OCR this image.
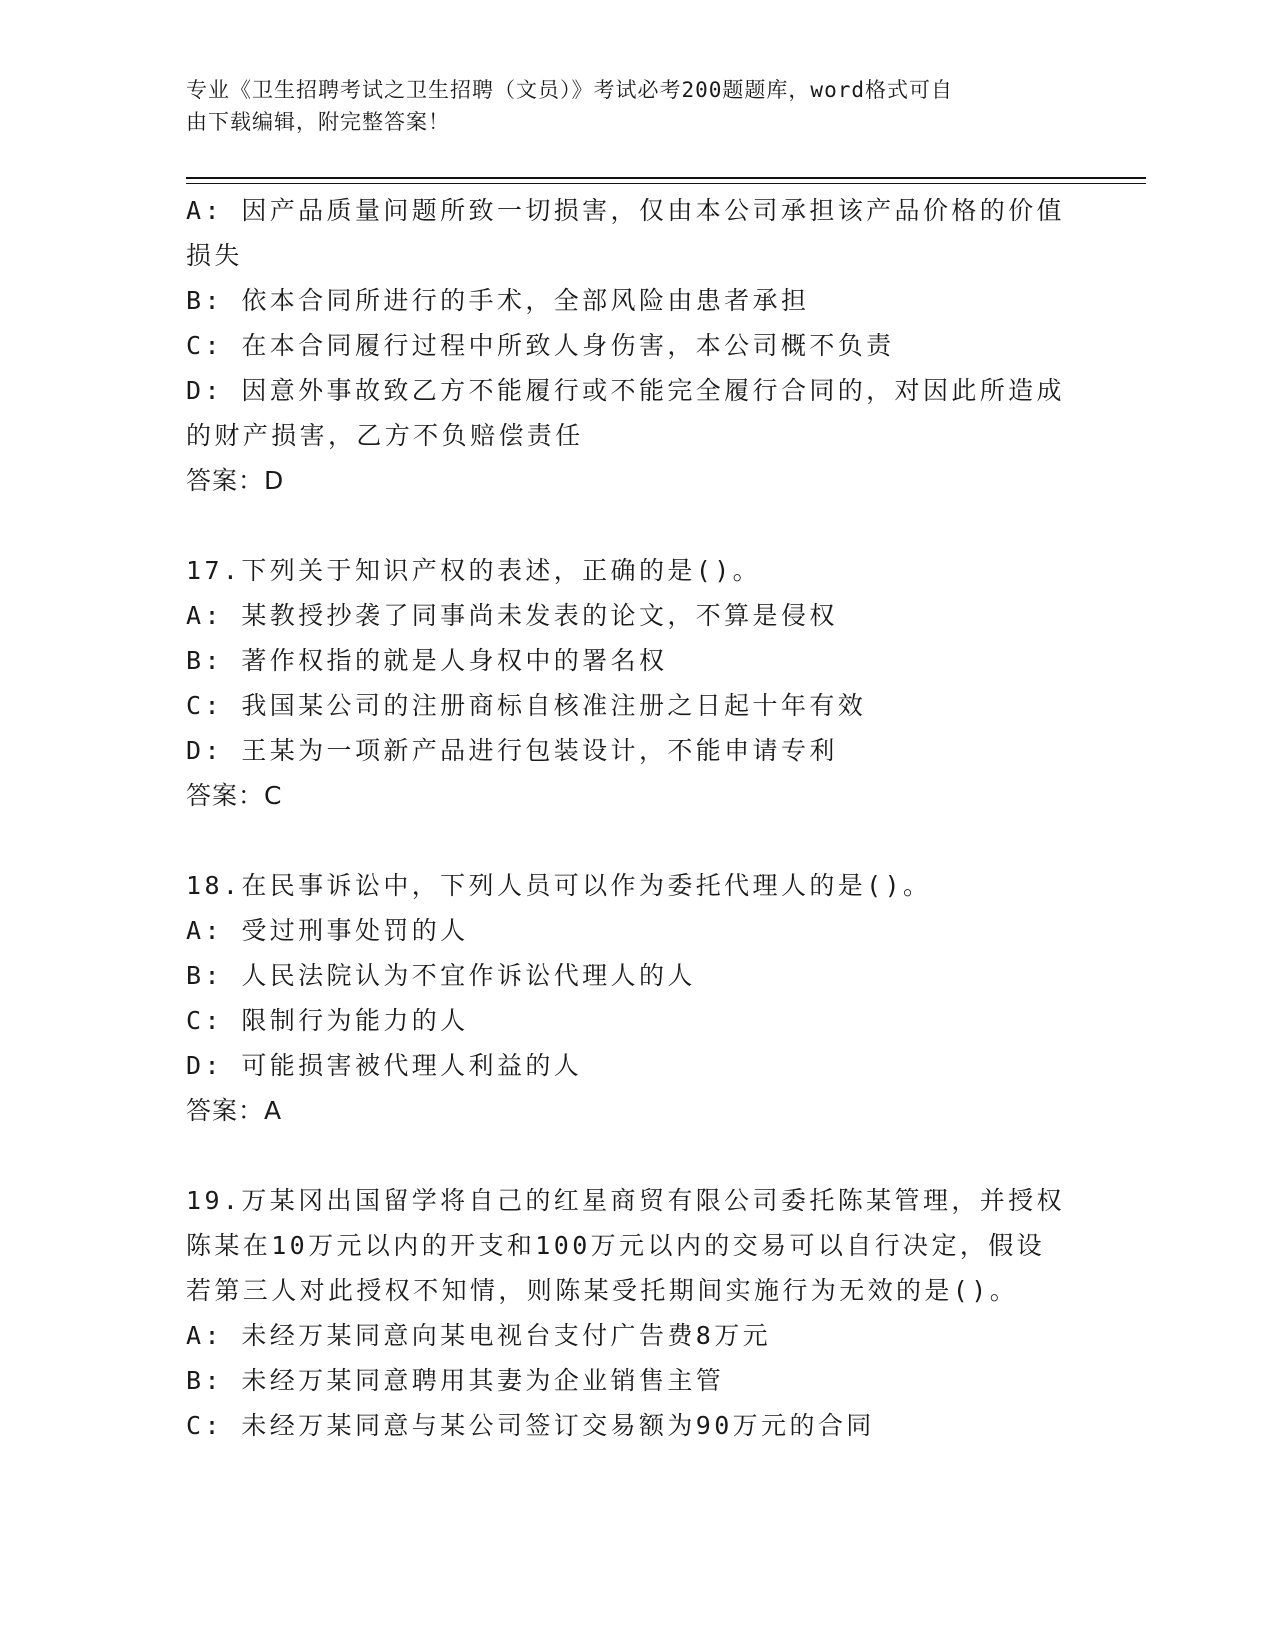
专业《卫生招聘考试之卫生招聘（文员）》考试必考200题题库，word格式可自
由下载编辑，附完整答案！
A: 因产品质量问题所致一切损害，仅由本公司承担该产品价格的价值
损失
B: 依本合同所进行的手术，全部风险由患者承担
C: 在本合同履行过程中所致人身伤害，本公司概不负责
D: 因意外事故致乙方不能履行或不能完全履行合同的，对因此所造成
的财产损害，乙方不负赔偿责任
答案：D
17.下列关于知识产权的表述，正确的是()。
A: 某教授抄袭了同事尚未发表的论文，不算是侵权
B: 著作权指的就是人身权中的署名权
C: 我国某公司的注册商标自核准注册之日起十年有效
D: 王某为一项新产品进行包装设计，不能申请专利
答案：C
18.在民事诉讼中，下列人员可以作为委托代理人的是()。
A: 受过刑事处罚的人
B: 人民法院认为不宜作诉讼代理人的人
C: 限制行为能力的人
D: 可能损害被代理人利益的人
答案：A
19.万某冈出国留学将自己的红星商贸有限公司委托陈某管理，并授权
陈某在10万元以内的开支和100万元以内的交易可以自行决定，假设
若第三人对此授权不知情，则陈某受托期间实施行为无效的是()。
A: 未经万某同意向某电视台支付广告费8万元
B: 未经万某同意聘用其妻为企业销售主管
C: 未经万某同意与某公司签订交易额为90万元的合同
